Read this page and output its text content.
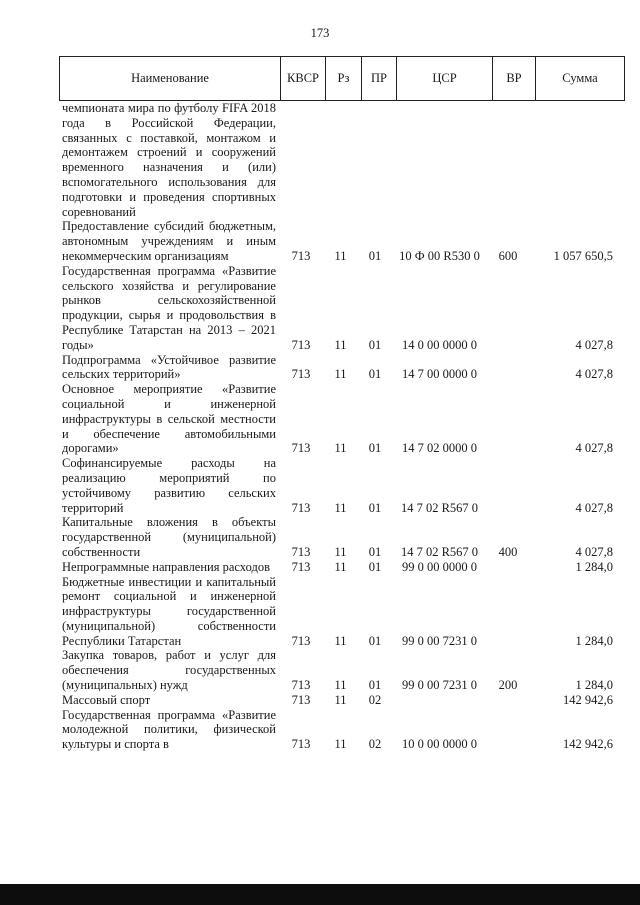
173
Наименование	КВСР	Рз	ПР	ЦСР	ВР	Сумма
чемпионата мира по футболу FIFA 2018 года в Российской Федерации, связанных с поставкой, монтажом и демонтажем строений и сооружений временного назначения и (или) вспомогательного использования для подготовки и проведения спортивных соревнований
Предоставление субсидий бюджетным, автономным учреждениям и иным некоммерческим организациям	713	11	01	10 Ф 00 R530 0	600	1 057 650,5
Государственная программа «Развитие сельского хозяйства и регулирование рынков сельскохозяйственной продукции, сырья и продовольствия в Республике Татарстан на 2013 – 2021 годы»	713	11	01	14 0 00 0000 0	4 027,8
Подпрограмма «Устойчивое развитие сельских территорий»	713	11	01	14 7 00 0000 0	4 027,8
Основное мероприятие «Развитие социальной и инженерной инфраструктуры в сельской местности и обеспечение автомобильными дорогами»	713	11	01	14 7 02 0000 0	4 027,8
Софинансируемые расходы на реализацию мероприятий по устойчивому развитию сельских территорий	713	11	01	14 7 02 R567 0	4 027,8
Капитальные вложения в объекты государственной (муниципальной) собственности	713	11	01	14 7 02 R567 0	400	4 027,8
Непрограммные направления расходов	713	11	01	99 0 00 0000 0	1 284,0
Бюджетные инвестиции и капитальный ремонт социальной и инженерной инфраструктуры государственной (муниципальной) собственности Республики Татарстан	713	11	01	99 0 00 7231 0	1 284,0
Закупка товаров, работ и услуг для обеспечения государственных (муниципальных) нужд	713	11	01	99 0 00 7231 0	200	1 284,0
Массовый спорт	713	11	02	142 942,6
Государственная программа «Развитие молодежной политики, физической культуры и спорта в	713	11	02	10 0 00 0000 0	142 942,6
